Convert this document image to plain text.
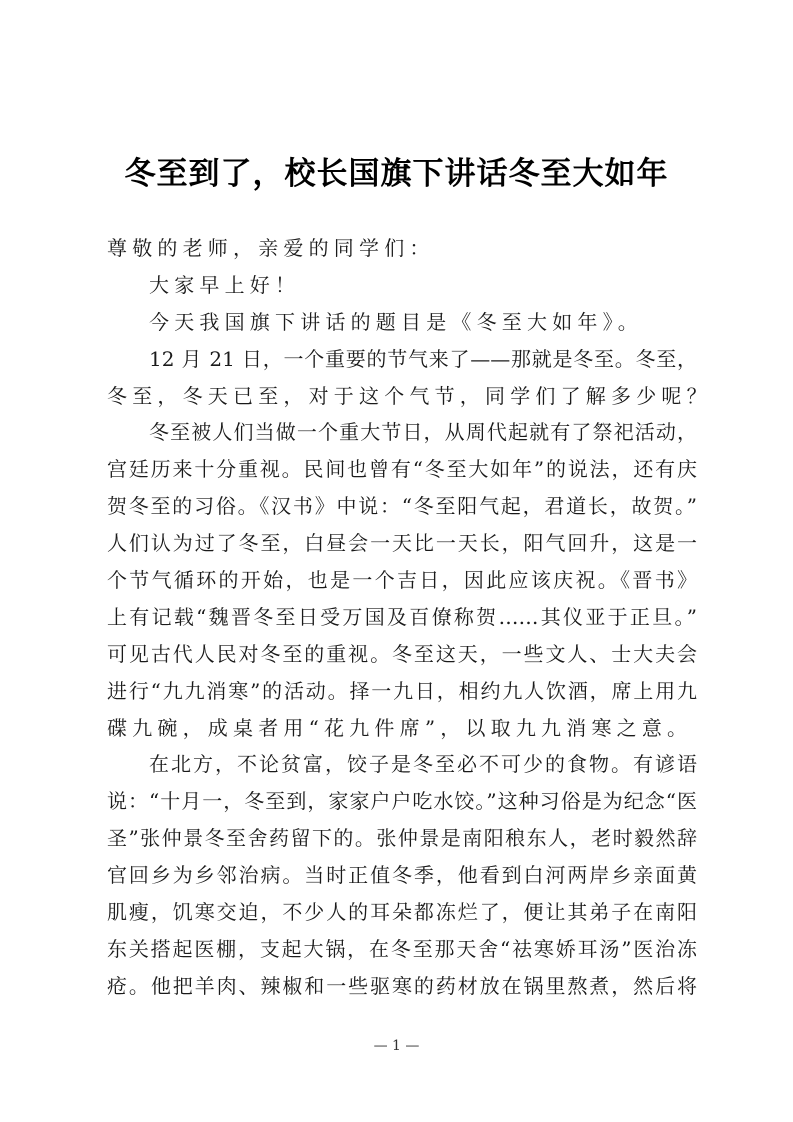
冬至到了，校长国旗下讲话冬至大如年
尊敬的老师，亲爱的同学们：
大家早上好！
今天我国旗下讲话的题目是《冬至大如年》。
12 月 21 日，一个重要的节气来了——那就是冬至。冬至，
冬至，冬天已至，对于这个气节，同学们了解多少呢？
冬至被人们当做一个重大节日，从周代起就有了祭祀活动，
宫廷历来十分重视。民间也曾有“冬至大如年”的说法，还有庆
贺冬至的习俗。《汉书》中说：“冬至阳气起，君道长，故贺。”
人们认为过了冬至，白昼会一天比一天长，阳气回升，这是一
个节气循环的开始，也是一个吉日，因此应该庆祝。《晋书》
上有记载“魏晋冬至日受万国及百僚称贺……其仪亚于正旦。”
可见古代人民对冬至的重视。冬至这天，一些文人、士大夫会
进行“九九消寒”的活动。择一九日，相约九人饮酒，席上用九
碟九碗，成桌者用“花九件席”，以取九九消寒之意。
在北方，不论贫富，饺子是冬至必不可少的食物。有谚语
说：“十月一，冬至到，家家户户吃水饺。”这种习俗是为纪念“医
圣”张仲景冬至舍药留下的。张仲景是南阳稂东人，老时毅然辞
官回乡为乡邻治病。当时正值冬季，他看到白河两岸乡亲面黄
肌瘦，饥寒交迫，不少人的耳朵都冻烂了，便让其弟子在南阳
东关搭起医棚，支起大锅，在冬至那天舍“祛寒娇耳汤”医治冻
疮。他把羊肉、辣椒和一些驱寒的药材放在锅里熬煮，然后将
— 1 —
